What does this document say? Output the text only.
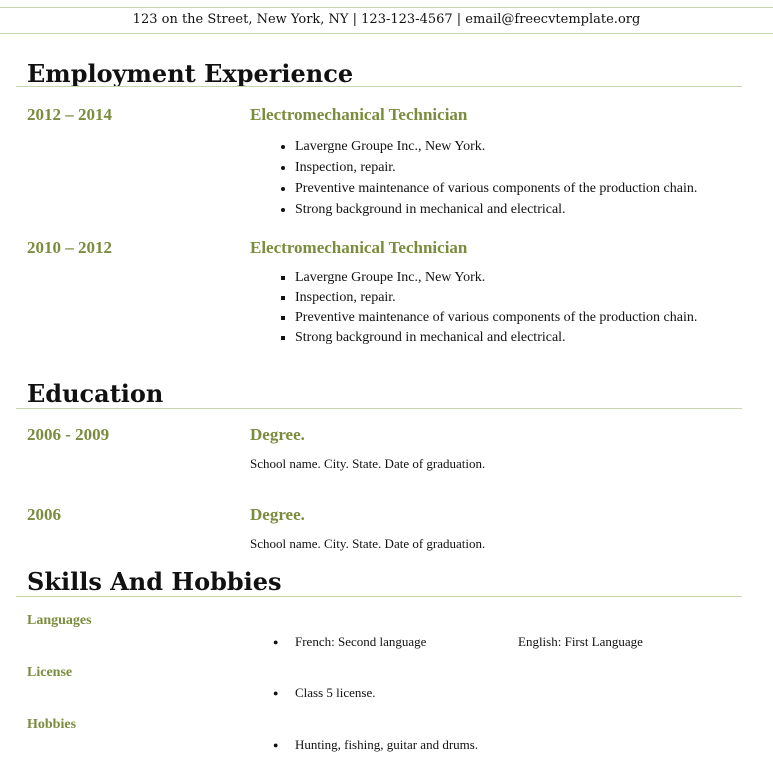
123 on the Street, New York, NY | 123-123-4567 | email@freecvtemplate.org
Employment Experience
2012 – 2014	Electromechanical Technician
• Lavergne Groupe Inc., New York.
• Inspection, repair.
• Preventive maintenance of various components of the production chain.
• Strong background in mechanical and electrical.
2010 – 2012	Electromechanical Technician
▪ Lavergne Groupe Inc., New York.
▪ Inspection, repair.
▪ Preventive maintenance of various components of the production chain.
▪ Strong background in mechanical and electrical.
Education
2006 - 2009	Degree.
School name. City. State. Date of graduation.
2006	Degree.
School name. City. State. Date of graduation.
Skills And Hobbies
Languages
● French: Second language	English: First Language
License
● Class 5 license.
Hobbies
● Hunting, fishing, guitar and drums.
